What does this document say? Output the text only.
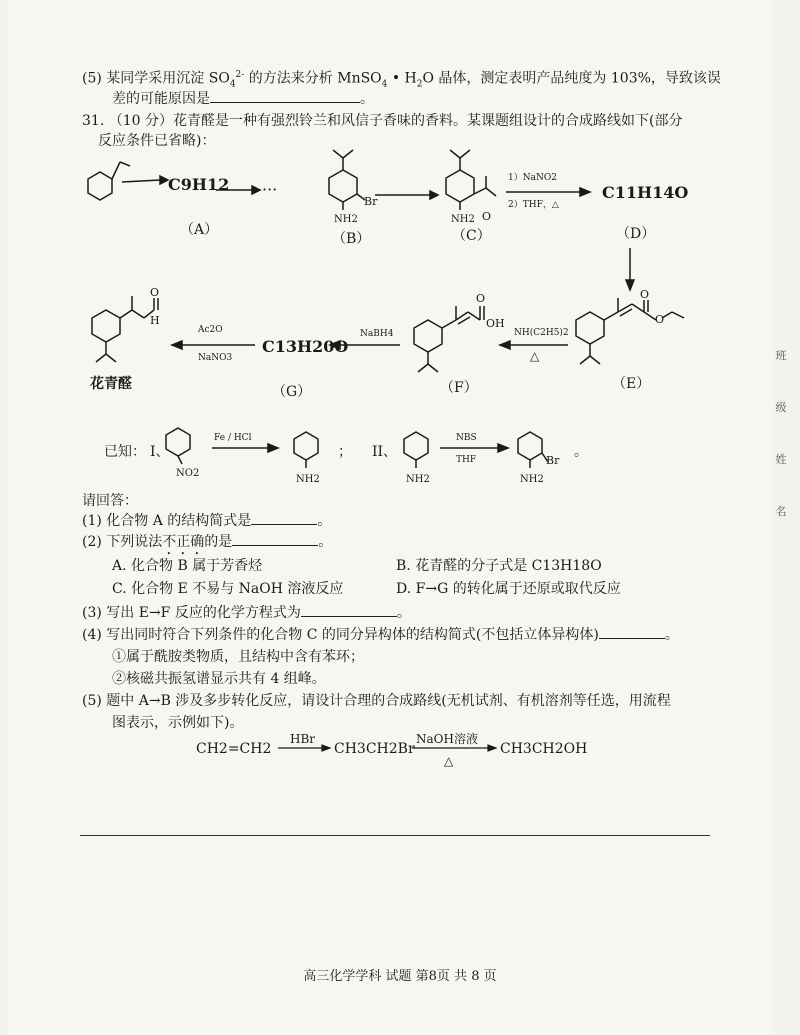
(5) 某同学采用沉淀 $SO_4^{2-}$ 的方法来分析 MnSO$_4$ • $H_2O$ 晶体，测定表明产品纯度为 103%，导致该误
差的可能原因是	。
31. （10 分）花青醛是一种有强烈铃兰和风信子香味的香料。某课题组设计的合成路线如下(部分
反应条件已省略)：
C9H12 ···	C11H14O
C13H20O
1）NaNO2
2）THF，△
NH(C2H5)2
△
NaBH4
Ac2O
NaNO3
（A）
（B）	（C）	（D）
（E）
（F）
（G）
花青醛
Br
NH2	NH2 O
O
O
O
OH
O
H
已知： I、
Fe / HCl
NO2
NH2
； II、
NH2
NBS
THF
NH2
Br
。
请回答：
(1) 化合物 A 的结构简式是	。
(2) 下列说法不正确的是	。
A. 化合物 B 属于芳香烃	B. 花青醛的分子式是 C13H18O
C. 化合物 E 不易与 NaOH 溶液反应	D. F→G 的转化属于还原或取代反应
(3) 写出 E→F 反应的化学方程式为	。
(4) 写出同时符合下列条件的化合物 C 的同分异构体的结构简式(不包括立体异构体)	。
①属于酰胺类物质，且结构中含有苯环；
②核磁共振氢谱显示共有 4 组峰。
(5) 题中 A→B 涉及多步转化反应，请设计合理的合成路线(无机试剂、有机溶剂等任选，用流程
图表示，示例如下)。
CH2=CH2
HBr
CH3CH2Br
NaOH溶液
△
CH3CH2OH
班
级
姓
名
高三化学学科 试题 第8页 共 8 页
